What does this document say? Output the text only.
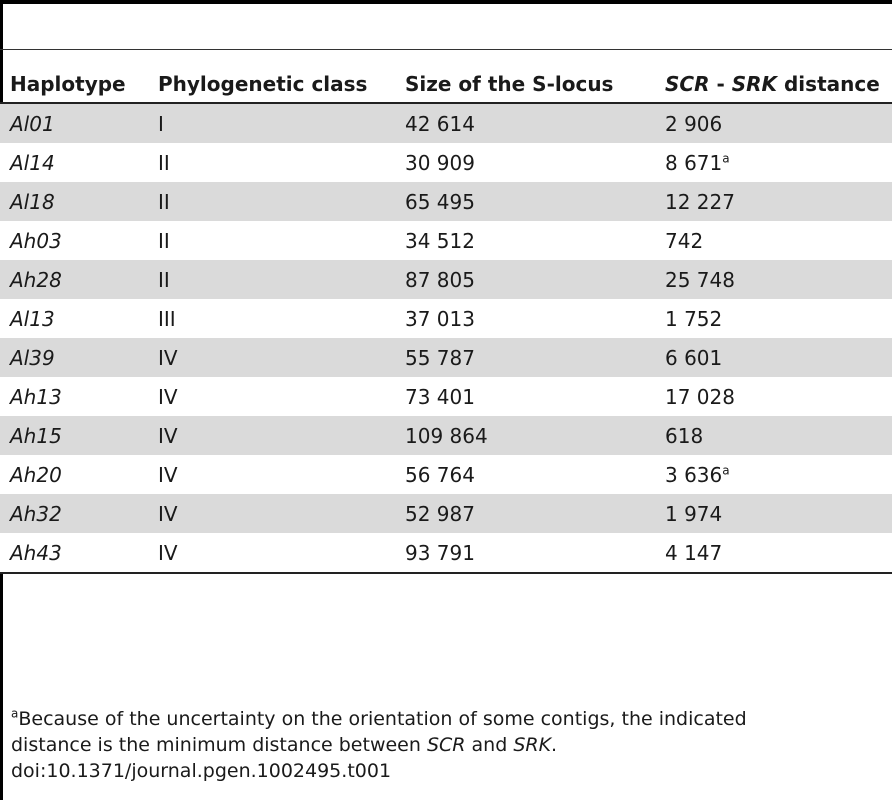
Haplotype	Phylogenetic class	Size of the S-locus	SCR - SRK distance
Al01	I	42 614	2 906
Al14	II	30 909	8 671$^a$
Al18	II	65 495	12 227
Ah03	II	34 512	742
Ah28	II	87 805	25 748
Al13	III	37 013	1 752
Al39	IV	55 787	6 601
Ah13	IV	73 401	17 028
Ah15	IV	109 864	618
Ah20	IV	56 764	3 636$^a$
Ah32	IV	52 987	1 974
Ah43	IV	93 791	4 147

$^a$Because of the uncertainty on the orientation of some contigs, the indicated

distance is the minimum distance between SCR and SRK.

doi:10.1371/journal.pgen.1002495.t001
